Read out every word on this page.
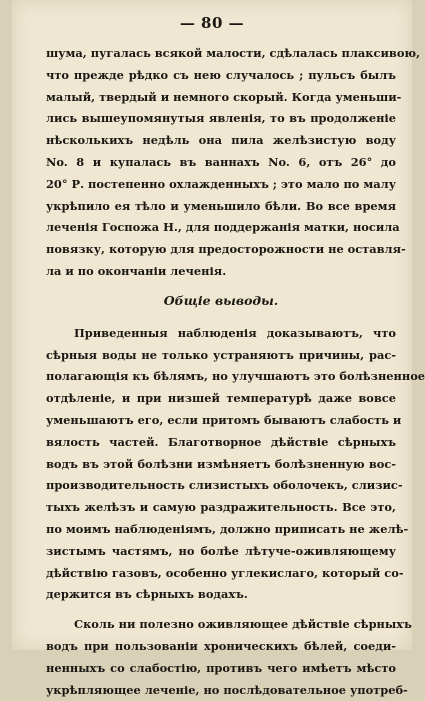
— 80 —
шума, пугалась всякой малости, сдѣлалась плаксивою,
что прежде рѣдко съ нею случалось ; пульсъ былъ
малый, твердый и немного скорый. Когда уменьши-
лись вышеупомянутыя явленія, то въ продолженіе
нѣсколькихъ недѣль она пила желѣзистую воду
No. 8 и купалась въ ваннахъ No. 6, отъ 26° до
20° Р. постепенно охлажденныхъ ; это мало по малу
укрѣпило ея тѣло и уменьшило бѣли. Во все время
леченія Госпожа Н., для поддержанія матки, носила
повязку, которую для предосторожности не оставля-
ла и по окончаніи леченія.
Общіе выводы.
Приведенныя наблюденія доказываютъ, что
сѣрныя воды не только устраняютъ причины, рас-
полагающія къ бѣлямъ, но улучшаютъ это болѣзненное
отдѣленіе, и при низшей температурѣ даже вовсе
уменьшаютъ его, если притомъ бываютъ слабость и
вялость частей. Благотворное дѣйствіе сѣрныхъ
водъ въ этой болѣзни измѣняетъ болѣзненную вос-
производительность слизистыхъ оболочекъ, слизис-
тыхъ желѣзъ и самую раздражительность. Все это,
по моимъ наблюденіямъ, должно приписать не желѣ-
зистымъ частямъ, но болѣе лѣтуче-оживляющему
дѣйствію газовъ, особенно углекислаго, который со-
держится въ сѣрныхъ водахъ.
Сколь ни полезно оживляющее дѣйствіе сѣрныхъ
водъ при пользованіи хроническихъ бѣлей, соеди-
ненныхъ со слабостію, противъ чего имѣетъ мѣсто
укрѣпляющее леченіе, но послѣдовательное употреб-
